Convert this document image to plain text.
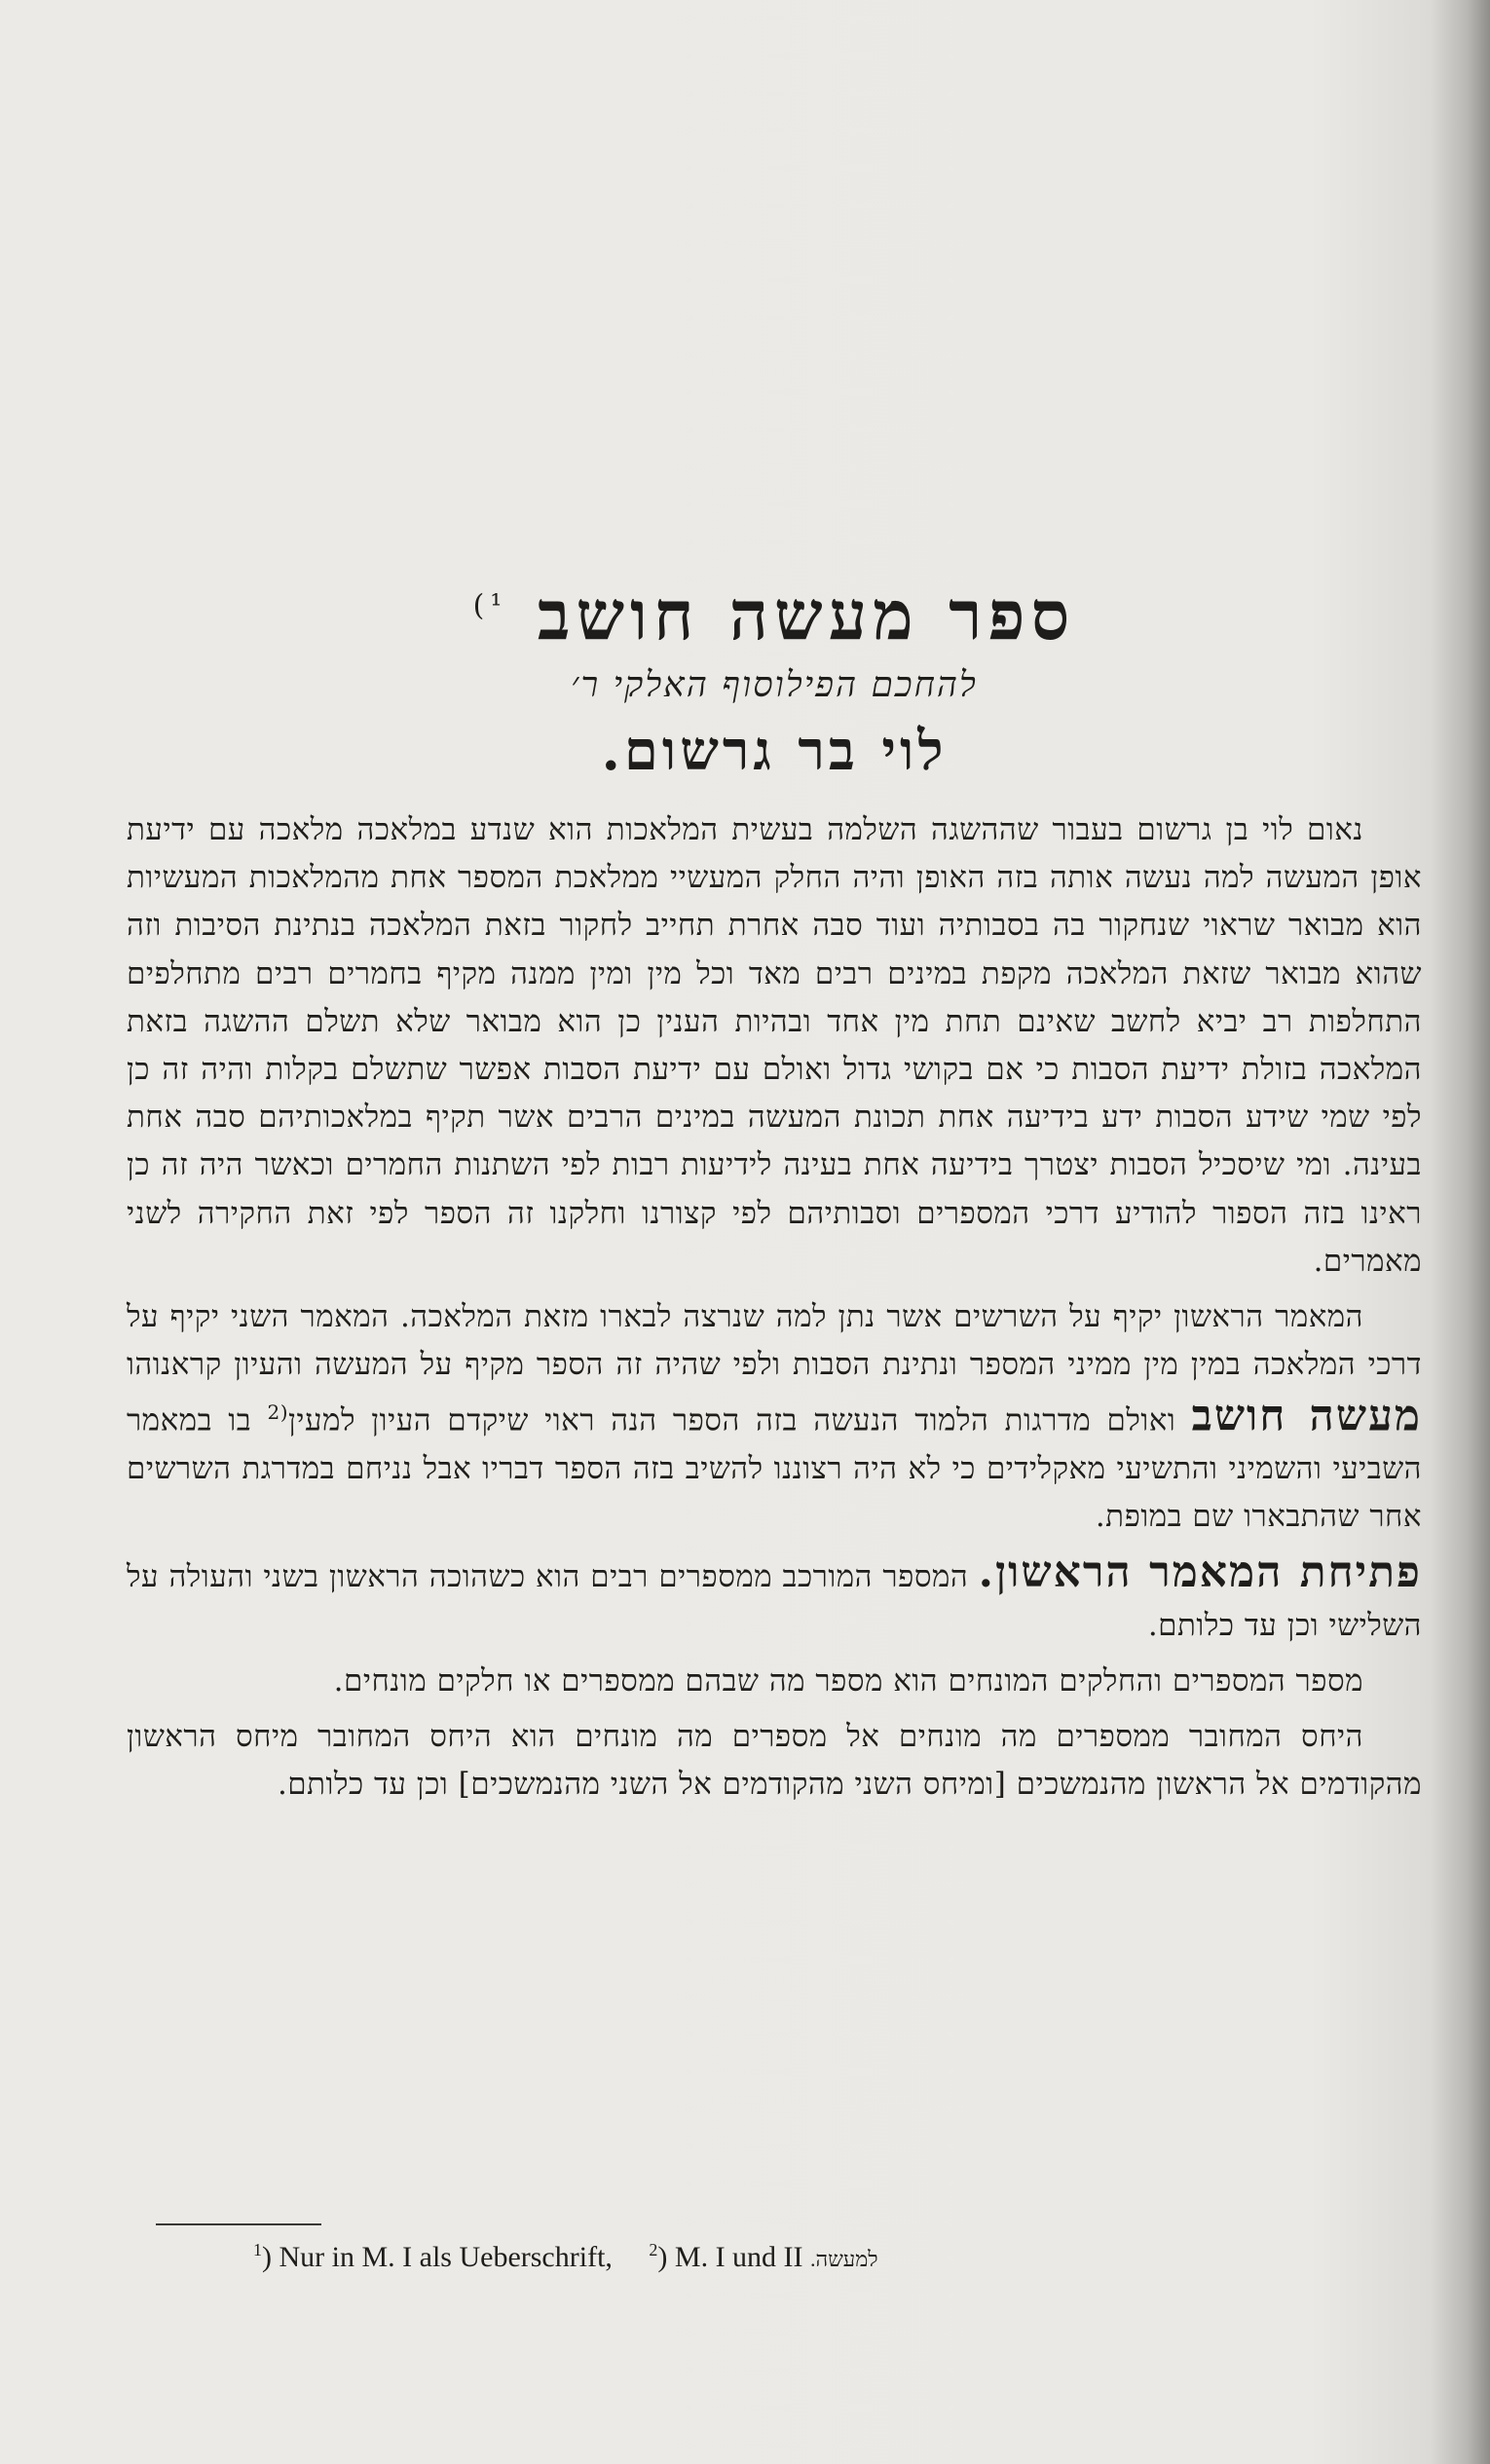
ספר מעשה חושב $^{^1)}$
להחכם הפילוסוף האלקי ר׳
לוי בר גרשום.

נאום לוי בן גרשום בעבור שההשגה השלמה בעשית המלאכות הוא שנדע במלאכה מלאכה עם ידיעת אופן המעשה למה נעשה אותה בזה האופן והיה החלק המעשיי ממלאכת המספר אחת מהמלאכות המעשיות הוא מבואר שראוי שנחקור בה בסבותיה ועוד סבה אחרת תחייב לחקור בזאת המלאכה בנתינת הסיבות וזה שהוא מבואר שזאת המלאכה מקפת במינים רבים מאד וכל מין ומין ממנה מקיף בחמרים רבים מתחלפים התחלפות רב יביא לחשב שאינם תחת מין אחד ובהיות הענין כן הוא מבואר שלא תשלם ההשגה בזאת המלאכה בזולת ידיעת הסבות כי אם בקושי גדול ואולם עם ידיעת הסבות אפשר שתשלם בקלות והיה זה כן לפי שמי שידע הסבות ידע בידיעה אחת תכונת המעשה במינים הרבים אשר תקיף במלאכותיהם סבה אחת בעינה. ומי שיסכיל הסבות יצטרך בידיעה אחת בעינה לידיעות רבות לפי השתנות החמרים וכאשר היה זה כן ראינו בזה הספור להודיע דרכי המספרים וסבותיהם לפי קצורנו וחלקנו זה הספר לפי זאת החקירה לשני מאמרים.

המאמר הראשון יקיף על השרשים אשר נתן למה שנרצה לבארו מזאת המלאכה. המאמר השני יקיף על דרכי המלאכה במין מין ממיני המספר ונתינת הסבות ולפי שהיה זה הספר מקיף על המעשה והעיון קראנוהו מעשה חושב ואולם מדרגות הלמוד הנעשה בזה הספר הנה ראוי שיקדם העיון למעין$^{2)}$ בו במאמר השביעי והשמיני והתשיעי מאקלידים כי לא היה רצוננו להשיב בזה הספר דבריו אבל נניחם במדרגת השרשים אחר שהתבארו שם במופת.

פתיחת המאמר הראשון. המספר המורכב ממספרים רבים הוא כשהוכה הראשון בשני והעולה על השלישי וכן עד כלותם.

מספר המספרים והחלקים המונחים הוא מספר מה שבהם ממספרים או חלקים מונחים.

היחס המחובר ממספרים מה מונחים אל מספרים מה מונחים הוא היחס המחובר מיחס הראשון מהקודמים אל הראשון מהנמשכים [ומיחס השני מהקודמים אל השני מהנמשכים] וכן עד כלותם.

$^1$) Nur in M. I als Ueberschrift, $^2$) M. I und II למעשה.
